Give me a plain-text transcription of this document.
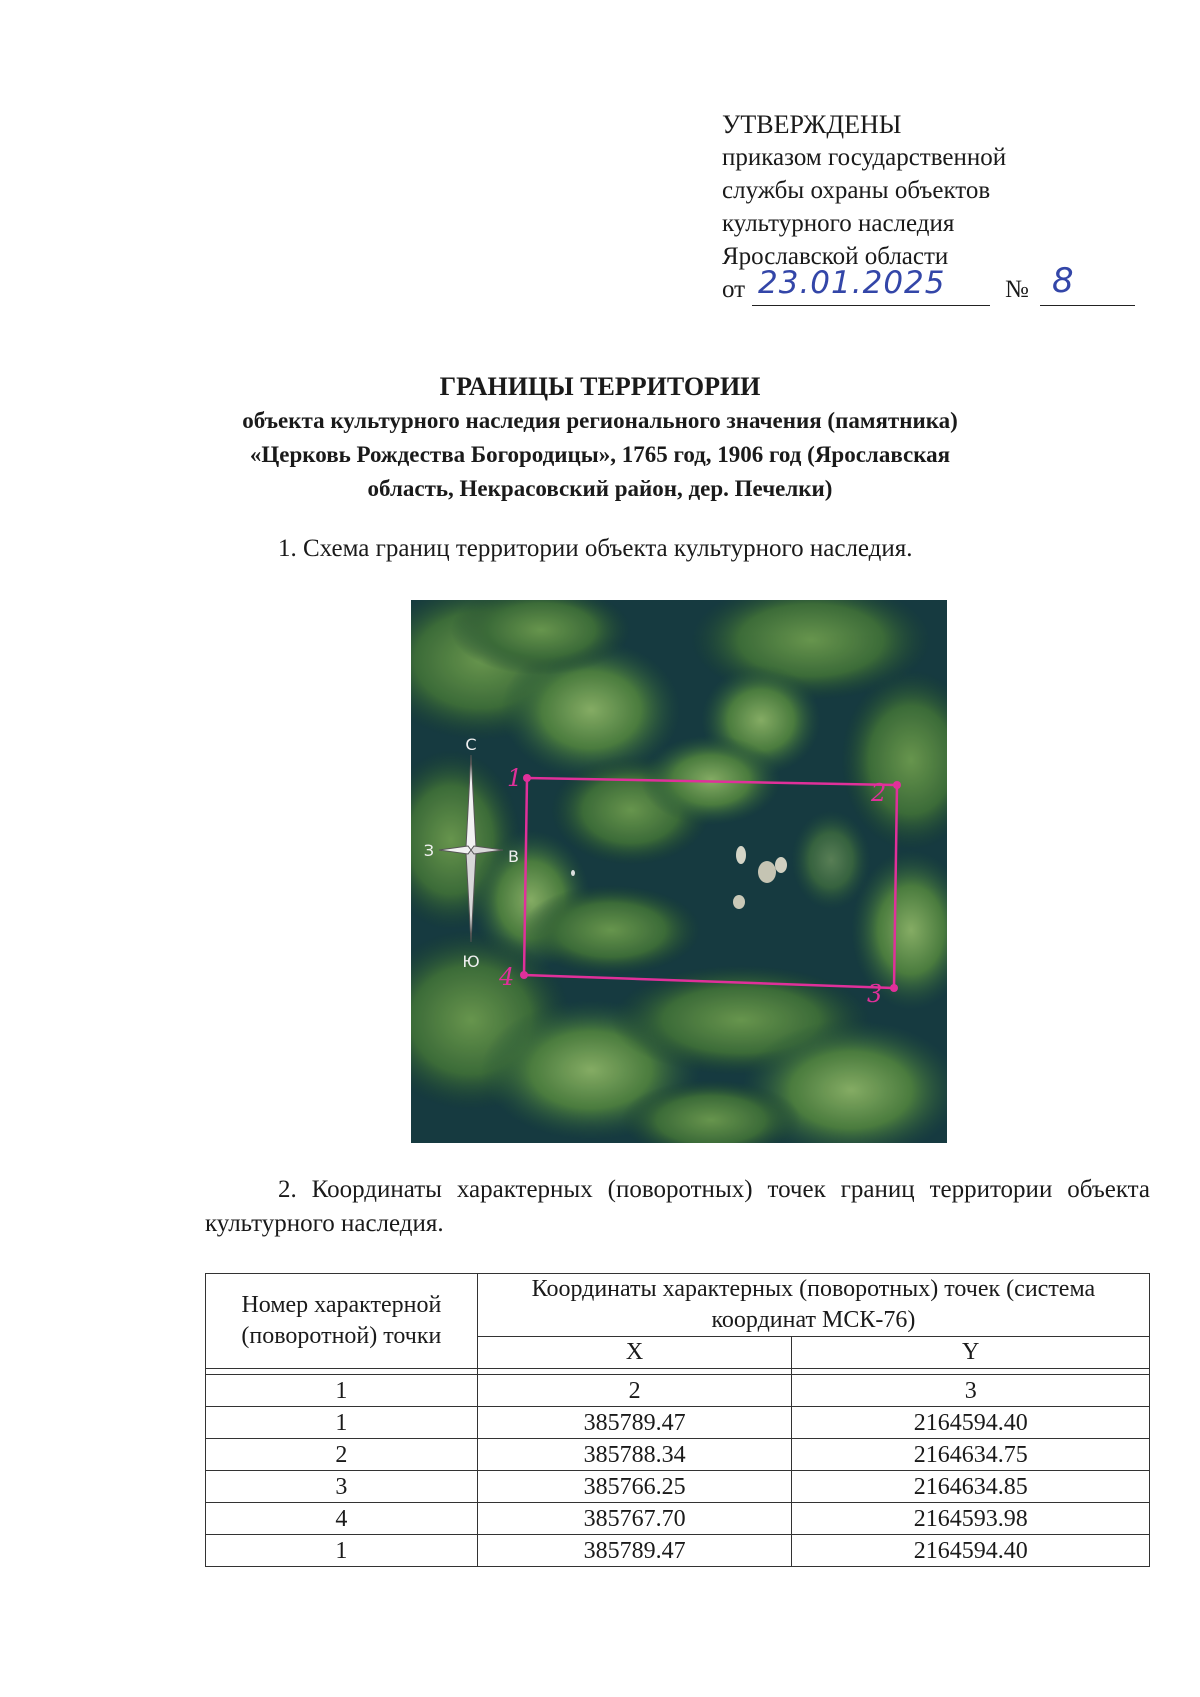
УТВЕРЖДЕНЫ
приказом государственной
службы охраны объектов
культурного наследия
Ярославской области
от 23.01.2025 № 8
ГРАНИЦЫ ТЕРРИТОРИИ
объекта культурного наследия регионального значения (памятника)
«Церковь Рождества Богородицы», 1765 год, 1906 год (Ярославская
область, Некрасовский район, дер. Печелки)
1. Схема границ территории объекта культурного наследия.
С
Ю
З	В
1
2
3
4
2. Координаты характерных (поворотных) точек границ территории объекта культурного наследия.
Номер характерной (поворотной) точки	Координаты характерных (поворотных) точек (система координат МСК-76)	
	X	Y

1	2	3
1	385789.47	2164594.40
2	385788.34	2164634.75
3	385766.25	2164634.85
4	385767.70	2164593.98
1	385789.47	2164594.40
